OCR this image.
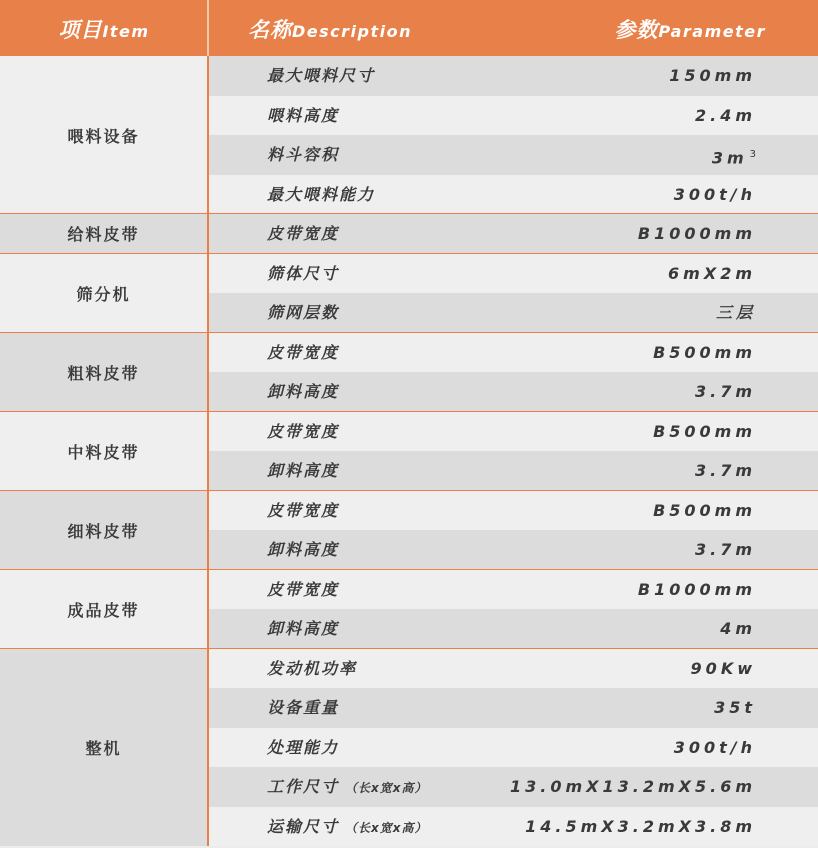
项目Item	名称Description	参数Parameter
喂料设备
最大喂料尺寸	150mm
喂料高度	2.4m
料斗容积	3m $^3$
最大喂料能力	300t/h
给料皮带	皮带宽度	B1000mm
筛分机
筛体尺寸	6mX2m
筛网层数	三层
粗料皮带
皮带宽度	B500mm
卸料高度	3.7m
中料皮带
皮带宽度	B500mm
卸料高度	3.7m
细料皮带
皮带宽度	B500mm
卸料高度	3.7m
成品皮带
皮带宽度	B1000mm
卸料高度	4m
整机
发动机功率	90Kw
设备重量	35t
处理能力	300t/h
工作尺寸 （长x宽x高）	13.0mX13.2mX5.6m
运输尺寸 （长x宽x高）	14.5mX3.2mX3.8m
